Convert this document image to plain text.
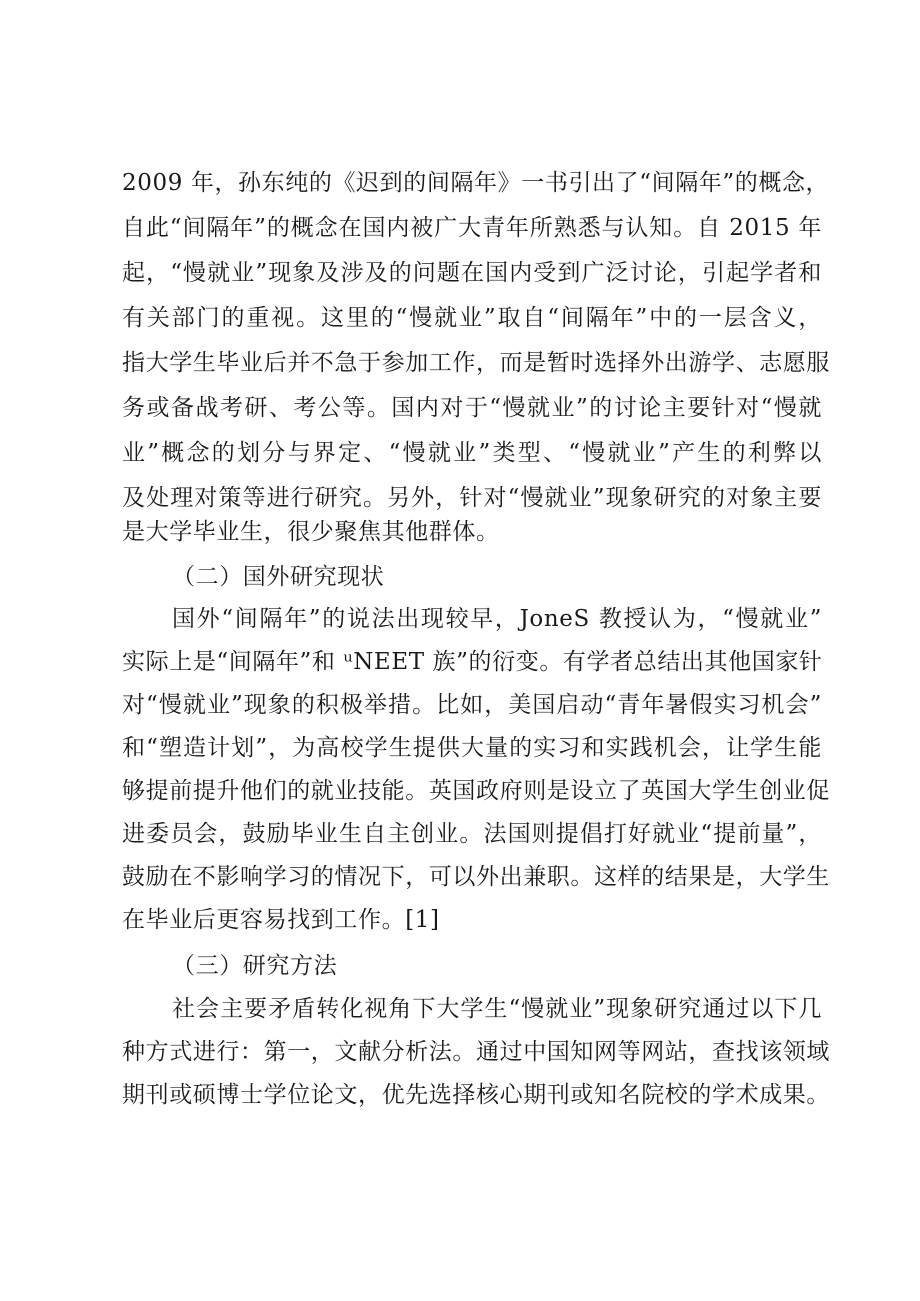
2009 年，孙东纯的《迟到的间隔年》一书引出了“间隔年”的概念，
自此“间隔年”的概念在国内被广大青年所熟悉与认知。自 2015 年
起，“慢就业”现象及涉及的问题在国内受到广泛讨论，引起学者和
有关部门的重视。这里的“慢就业”取自“间隔年”中的一层含义，
指大学生毕业后并不急于参加工作，而是暂时选择外出游学、志愿服
务或备战考研、考公等。国内对于“慢就业”的讨论主要针对“慢就
业”概念的划分与界定、“慢就业”类型、“慢就业”产生的利弊以
及处理对策等进行研究。另外，针对“慢就业”现象研究的对象主要
是大学毕业生，很少聚焦其他群体。
（二）国外研究现状
国外“间隔年”的说法出现较早，JoneS 教授认为，“慢就业”
实际上是“间隔年”和 ᵘNEET 族”的衍变。有学者总结出其他国家针
对“慢就业”现象的积极举措。比如，美国启动“青年暑假实习机会”
和“塑造计划”，为高校学生提供大量的实习和实践机会，让学生能
够提前提升他们的就业技能。英国政府则是设立了英国大学生创业促
进委员会，鼓励毕业生自主创业。法国则提倡打好就业“提前量”，
鼓励在不影响学习的情况下，可以外出兼职。这样的结果是，大学生
在毕业后更容易找到工作。[1]
（三）研究方法
社会主要矛盾转化视角下大学生“慢就业”现象研究通过以下几
种方式进行：第一，文献分析法。通过中国知网等网站，查找该领域
期刊或硕博士学位论文，优先选择核心期刊或知名院校的学术成果。
